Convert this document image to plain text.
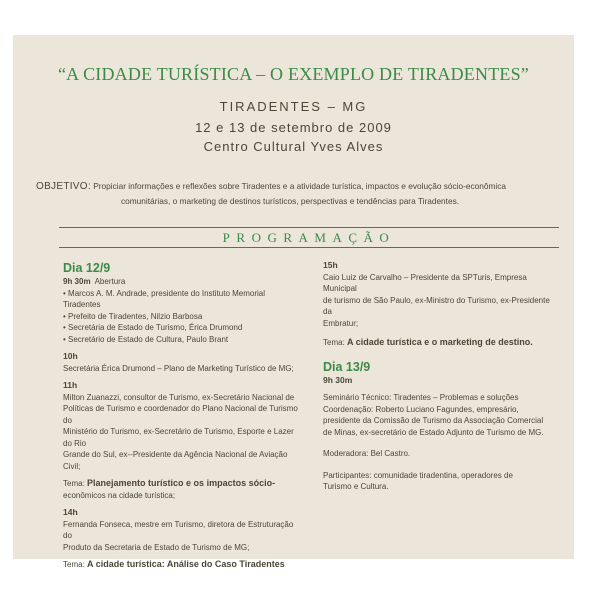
“A CIDADE TURÍSTICA – O EXEMPLO DE TIRADENTES”
TIRADENTES – MG
12 e 13 de setembro de 2009
Centro Cultural Yves Alves
OBJETIVO: Propiciar informações e reflexões sobre Tiradentes e a atividade turística, impactos e evolução sócio-econômica
comunitárias, o marketing de destinos turísticos, perspectivas e tendências para Tiradentes.
PROGRAMAÇÃO
Dia 12/9

9h 30m Abertura

• Marcos A. M. Andrade, presidente do Instituto Memorial Tiradentes

• Prefeito de Tiradentes, Nilzio Barbosa

• Secretária de Estado de Turismo, Érica Drumond

• Secretário de Estado de Cultura, Paulo Brant

10h

Secretária Érica Drumond – Plano de Marketing Turístico de MG;

11h

Milton Zuanazzi, consultor de Turismo, ex-Secretário Nacional de

Políticas de Turismo e coordenador do Plano Nacional de Turismo do

Ministério do Turismo, ex-Secretário de Turismo, Esporte e Lazer do Rio

Grande do Sul, ex--Presidente da Agência Nacional de Aviação Civil;

Tema: Planejamento turístico e os impactos sócio-

econômicos na cidade turística;

14h

Fernanda Fonseca, mestre em Turismo, diretora de Estruturação do

Produto da Secretaria de Estado de Turismo de MG;

Tema: A cidade turística: Análise do Caso Tiradentes

15h

Caio Luiz de Carvalho – Presidente da SPTuris, Empresa Municipal

de turismo de São Paulo, ex-Ministro do Turismo, ex-Presidente da

Embratur;

Tema: A cidade turística e o marketing de destino.

Dia 13/9

9h 30m

Seminário Técnico: Tiradentes – Problemas e soluções

Coordenação: Roberto Luciano Fagundes, empresário,

presidente da Comissão de Turismo da Associação Comercial

de Minas, ex-secretário de Estado Adjunto de Turismo de MG.

Moderadora: Bel Castro.

Participantes: comunidade tiradentina, operadores de

Turismo e Cultura.
